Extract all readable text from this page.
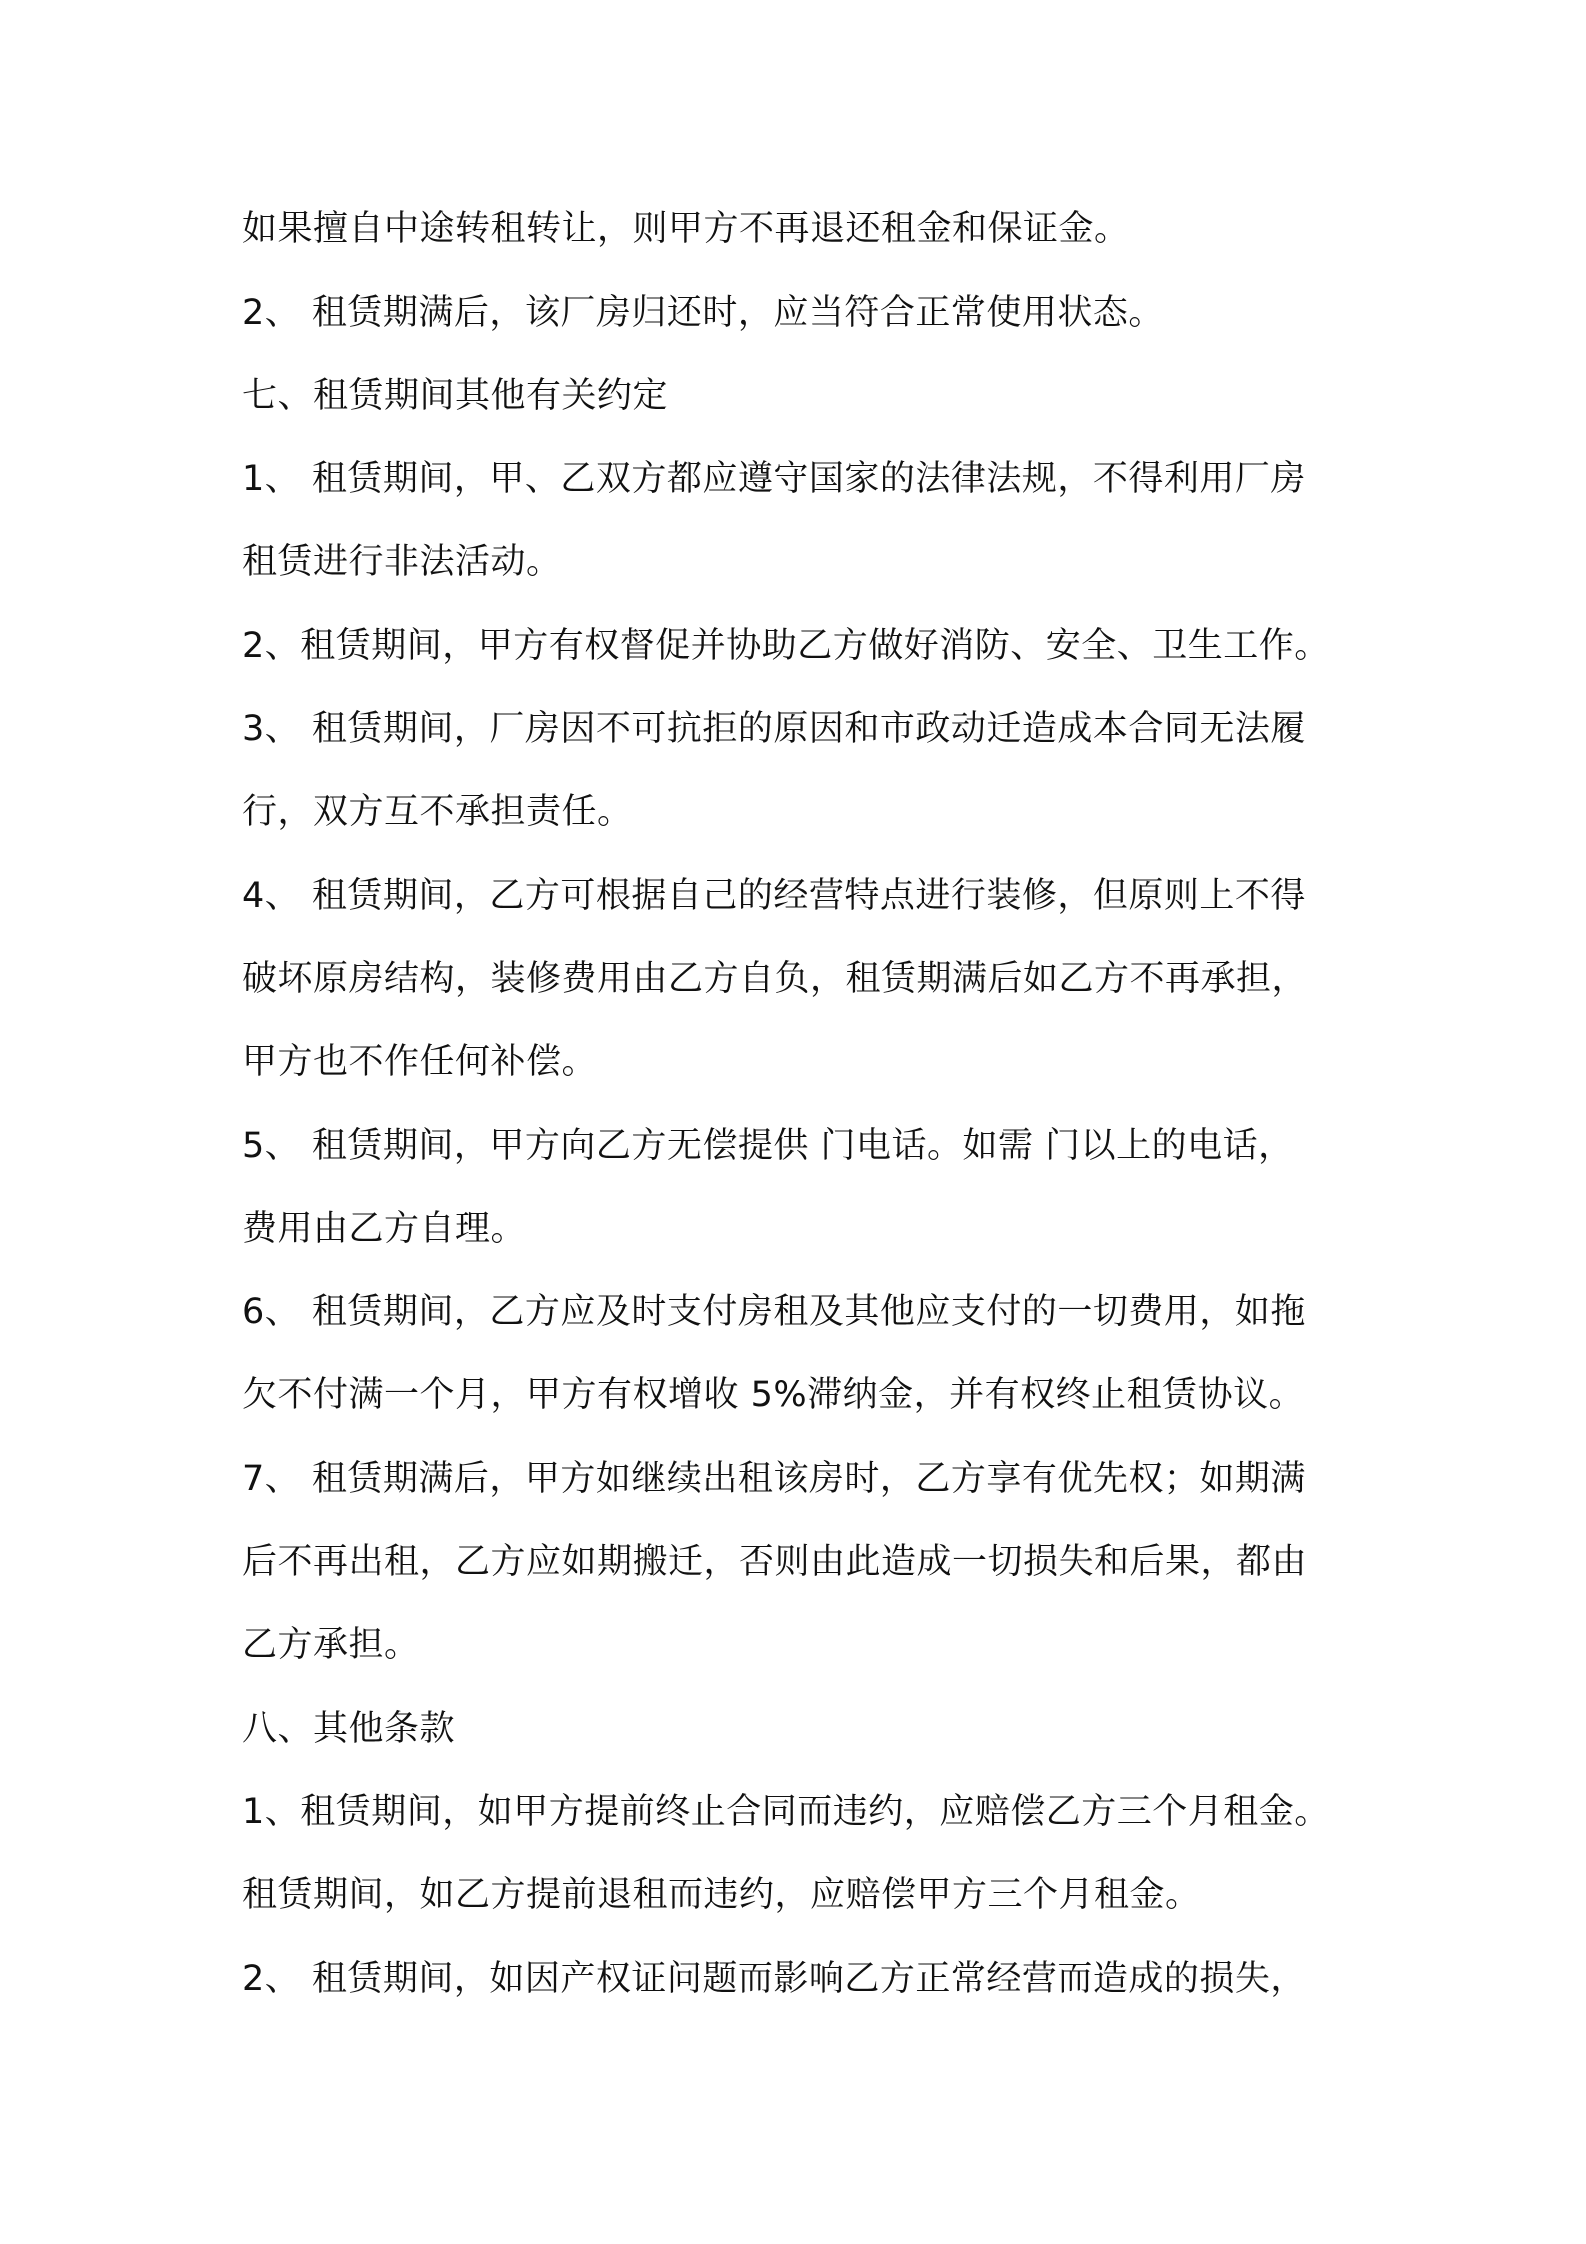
如果擅自中途转租转让，则甲方不再退还租金和保证金。
2、 租赁期满后，该厂房归还时，应当符合正常使用状态。
七、租赁期间其他有关约定
1、 租赁期间，甲、乙双方都应遵守国家的法律法规，不得利用厂房
租赁进行非法活动。
2、租赁期间，甲方有权督促并协助乙方做好消防、安全、卫生工作。
3、 租赁期间，厂房因不可抗拒的原因和市政动迁造成本合同无法履
行，双方互不承担责任。
4、 租赁期间，乙方可根据自己的经营特点进行装修，但原则上不得
破坏原房结构，装修费用由乙方自负，租赁期满后如乙方不再承担，
甲方也不作任何补偿。
5、 租赁期间，甲方向乙方无偿提供 门电话。如需 门以上的电话，
费用由乙方自理。
6、 租赁期间，乙方应及时支付房租及其他应支付的一切费用，如拖
欠不付满一个月，甲方有权增收 5%滞纳金，并有权终止租赁协议。
7、 租赁期满后，甲方如继续出租该房时，乙方享有优先权；如期满
后不再出租，乙方应如期搬迁，否则由此造成一切损失和后果，都由
乙方承担。
八、其他条款
1、租赁期间，如甲方提前终止合同而违约，应赔偿乙方三个月租金。
租赁期间，如乙方提前退租而违约，应赔偿甲方三个月租金。
2、 租赁期间，如因产权证问题而影响乙方正常经营而造成的损失，
